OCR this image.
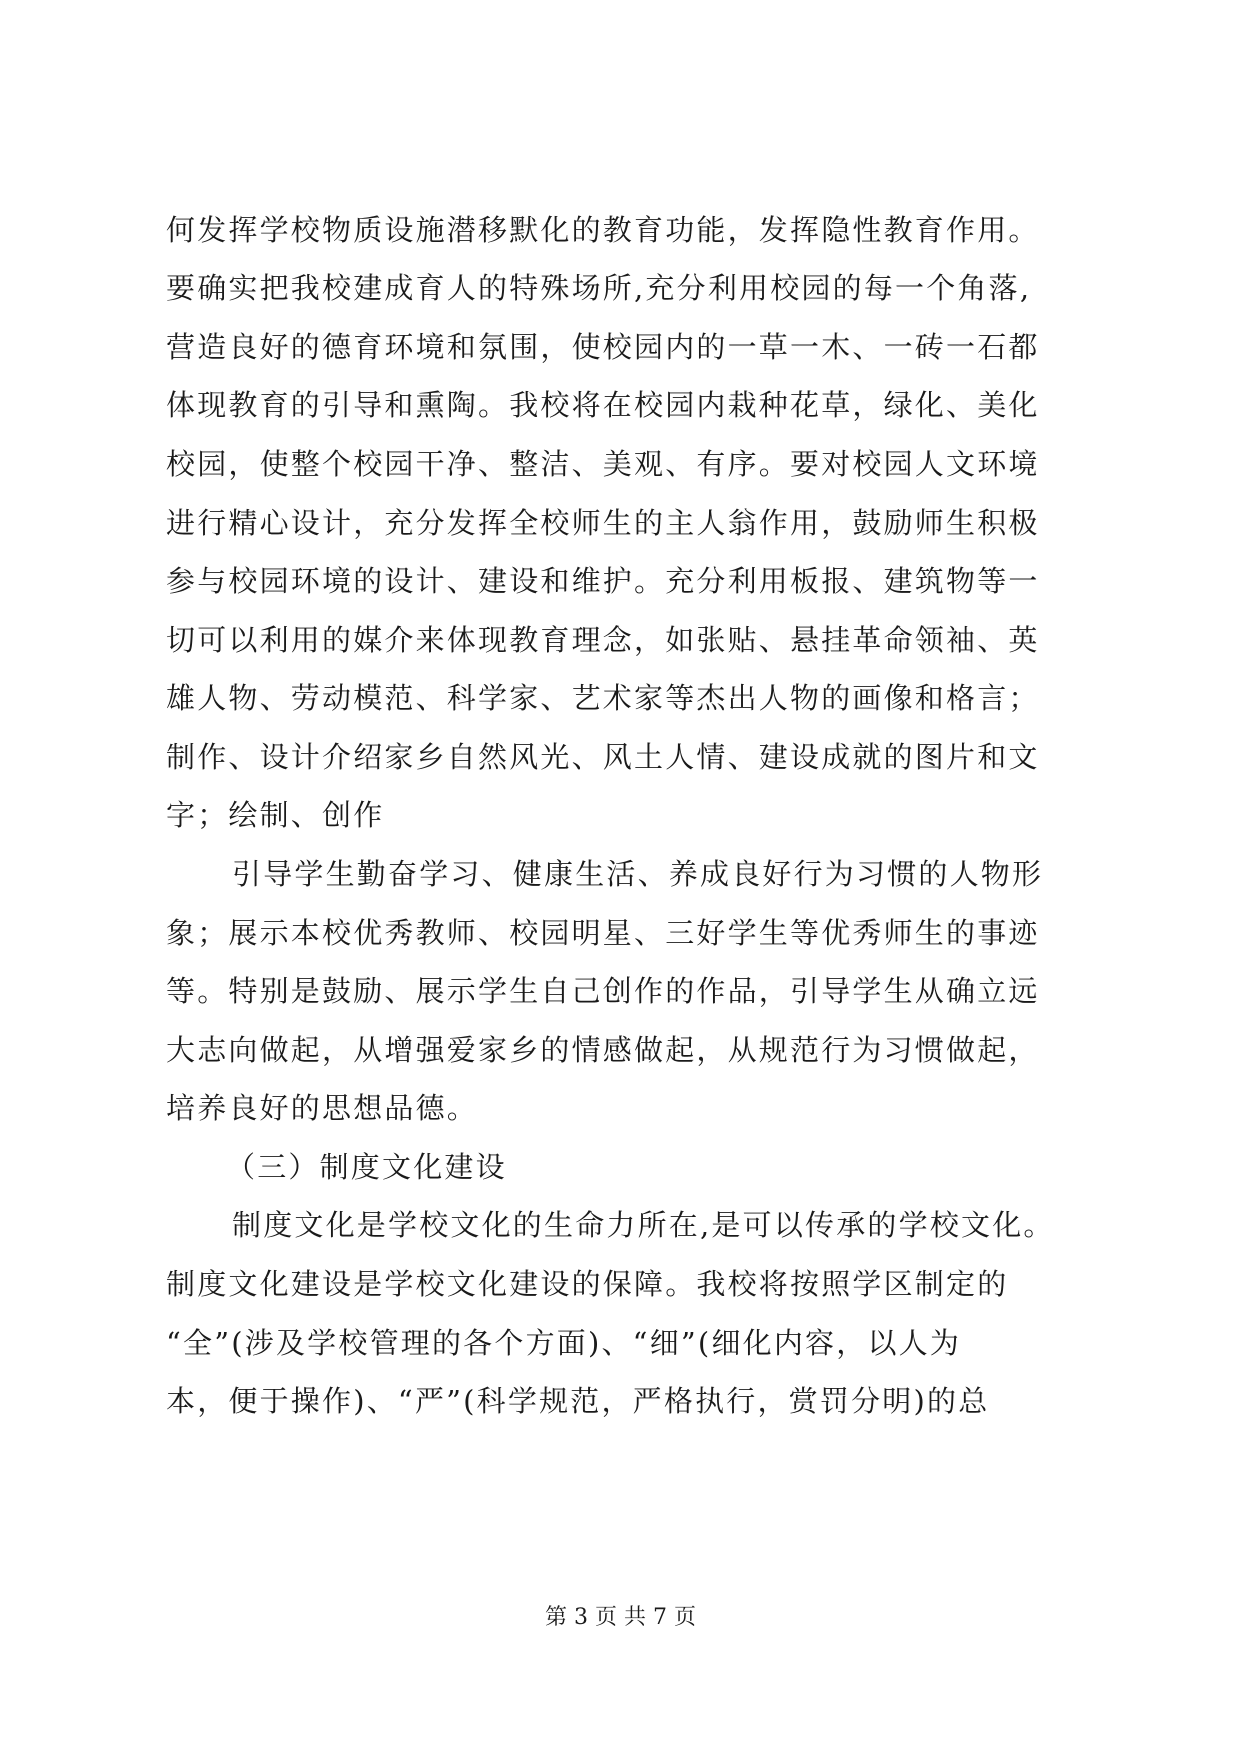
何发挥学校物质设施潜移默化的教育功能，发挥隐性教育作用。
要确实把我校建成育人的特殊场所,充分利用校园的每一个角落,
营造良好的德育环境和氛围，使校园内的一草一木、一砖一石都
体现教育的引导和熏陶。我校将在校园内栽种花草，绿化、美化
校园，使整个校园干净、整洁、美观、有序。要对校园人文环境
进行精心设计，充分发挥全校师生的主人翁作用，鼓励师生积极
参与校园环境的设计、建设和维护。充分利用板报、建筑物等一
切可以利用的媒介来体现教育理念，如张贴、悬挂革命领袖、英
雄人物、劳动模范、科学家、艺术家等杰出人物的画像和格言；
制作、设计介绍家乡自然风光、风土人情、建设成就的图片和文
字；绘制、创作
引导学生勤奋学习、健康生活、养成良好行为习惯的人物形
象；展示本校优秀教师、校园明星、三好学生等优秀师生的事迹
等。特别是鼓励、展示学生自己创作的作品，引导学生从确立远
大志向做起，从增强爱家乡的情感做起，从规范行为习惯做起，
培养良好的思想品德。
（三）制度文化建设
制度文化是学校文化的生命力所在,是可以传承的学校文化。
制度文化建设是学校文化建设的保障。我校将按照学区制定的
“全”(涉及学校管理的各个方面)、“细”(细化内容，以人为
本，便于操作)、“严”(科学规范，严格执行，赏罚分明)的总
第 3 页 共 7 页
